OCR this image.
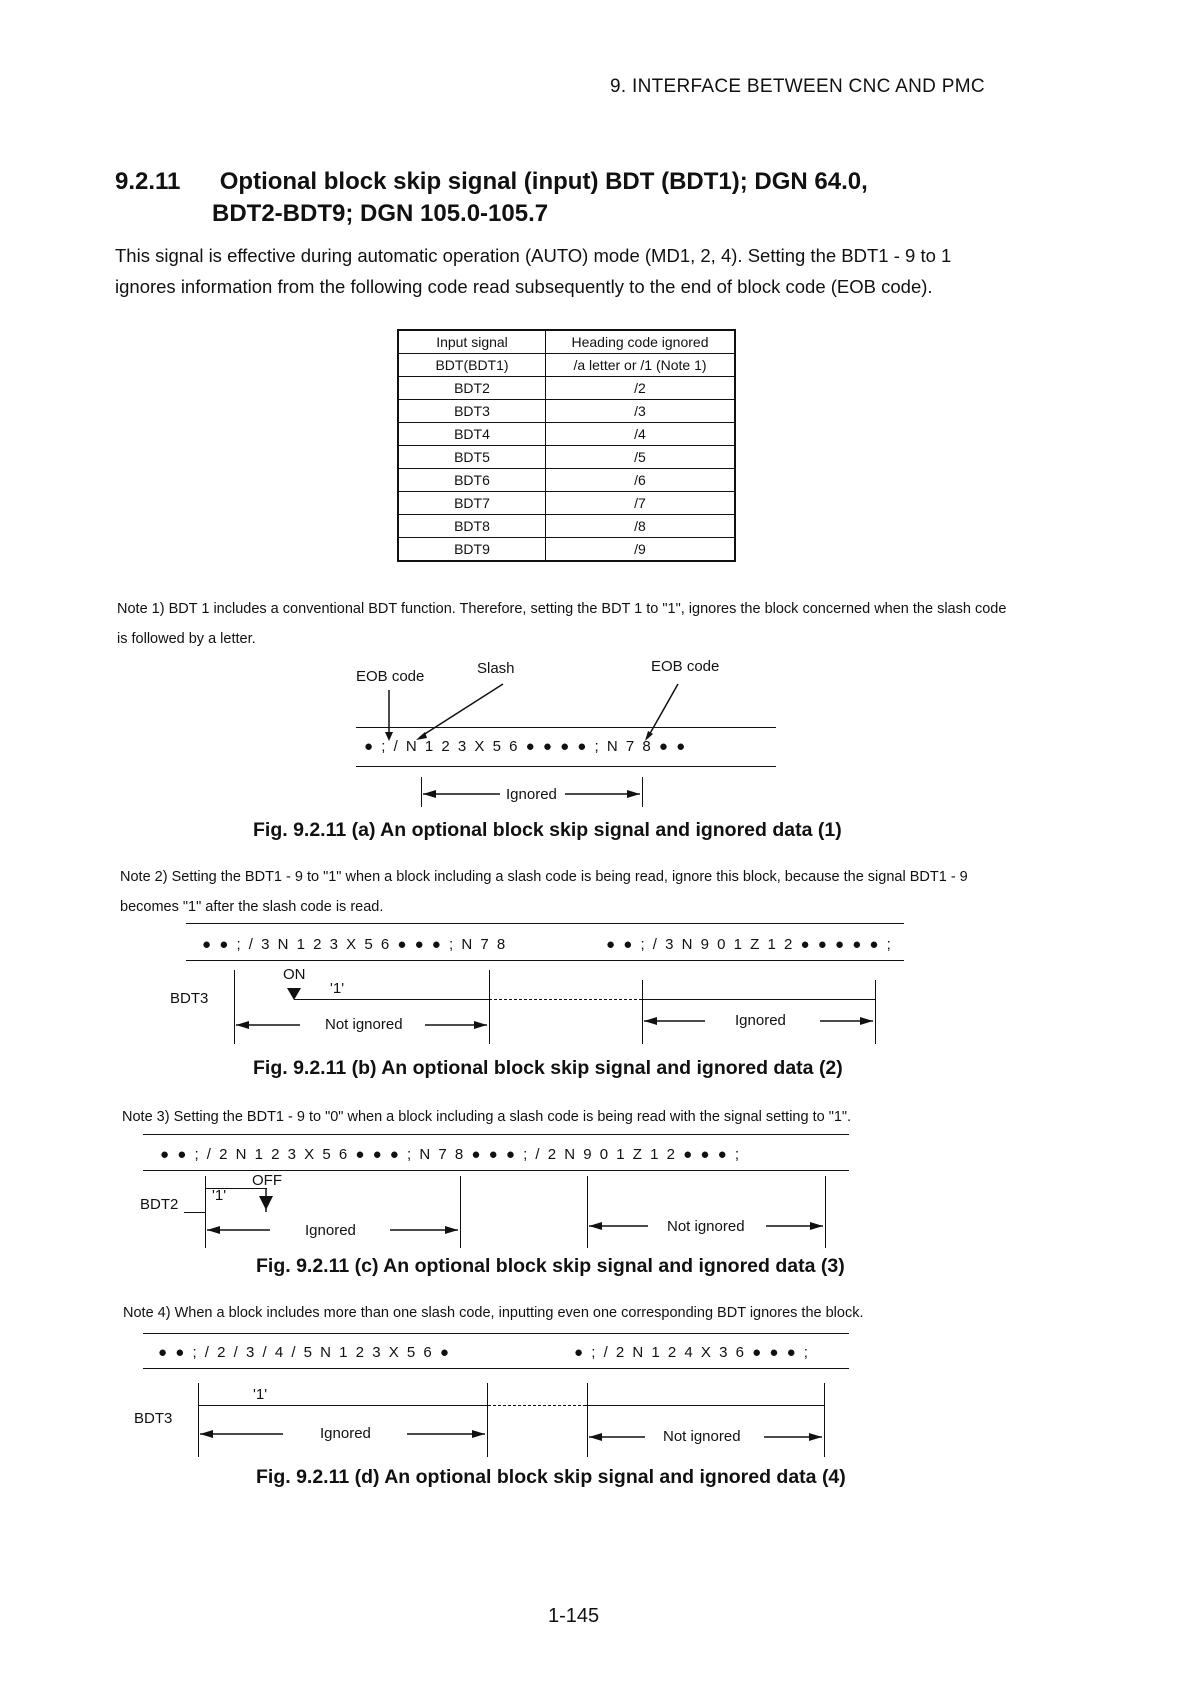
9. INTERFACE BETWEEN CNC AND PMC
9.2.11 Optional block skip signal (input) BDT (BDT1); DGN 64.0,
BDT2-BDT9; DGN 105.0-105.7
This signal is effective during automatic operation (AUTO) mode (MD1, 2, 4). Setting the BDT1 - 9 to 1 ignores information from the following code read subsequently to the end of block code (EOB code).
Input signal	Heading code ignored
BDT(BDT1)	/a letter or /1 (Note 1)
BDT2	/2
BDT3	/3
BDT4	/4
BDT5	/5
BDT6	/6
BDT7	/7
BDT8	/8
BDT9	/9
Note 1) BDT 1 includes a conventional BDT function. Therefore, setting the BDT 1 to "1", ignores the block concerned when the slash code is followed by a letter.
EOB code	Slash	EOB code
● ; / N 1 2 3 X 5 6 ● ● ● ● ; N 7 8 ● ●
Ignored
Fig. 9.2.11 (a) An optional block skip signal and ignored data (1)
Note 2) Setting the BDT1 - 9 to "1" when a block including a slash code is being read, ignore this block, because the signal BDT1 - 9 becomes "1" after the slash code is read.
● ● ; / 3 N 1 2 3 X 5 6 ● ● ● ; N 7 8	● ● ; / 3 N 9 0 1 Z 1 2 ● ● ● ● ● ;
BDT3
ON
'1'
Not ignored	Ignored
Fig. 9.2.11 (b) An optional block skip signal and ignored data (2)
Note 3) Setting the BDT1 - 9 to "0" when a block including a slash code is being read with the signal setting to "1".
● ● ; / 2 N 1 2 3 X 5 6 ● ● ● ; N 7 8 ● ● ● ; / 2 N 9 0 1 Z 1 2 ● ● ● ;
BDT2
'1'
OFF
Ignored	Not ignored
Fig. 9.2.11 (c) An optional block skip signal and ignored data (3)
Note 4) When a block includes more than one slash code, inputting even one corresponding BDT ignores the block.
● ● ; / 2 / 3 / 4 / 5 N 1 2 3 X 5 6 ●	● ; / 2 N 1 2 4 X 3 6 ● ● ● ;
'1'
BDT3
Ignored	Not ignored
Fig. 9.2.11 (d) An optional block skip signal and ignored data (4)
1-145
